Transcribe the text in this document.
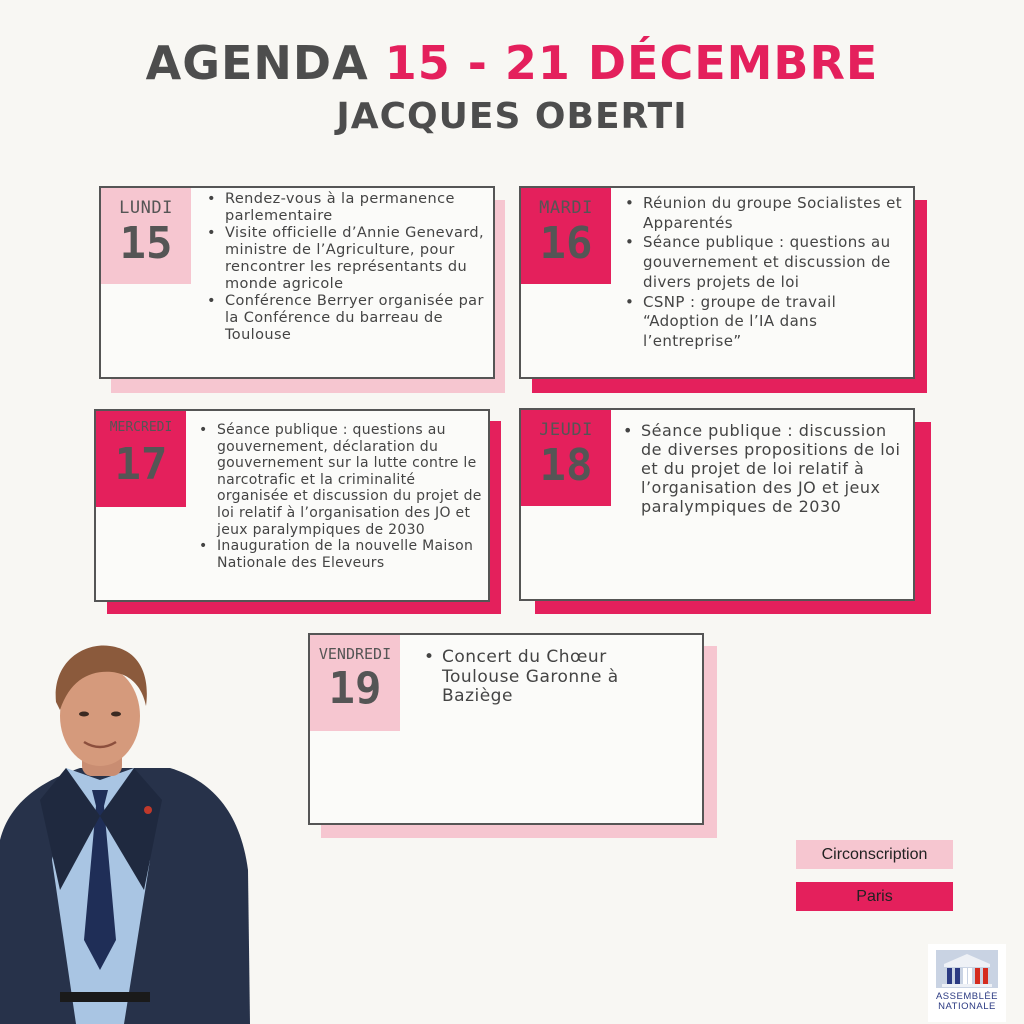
AGENDA 15 - 21 DÉCEMBRE
JACQUES OBERTI
LUNDI
15
• Rendez-vous à la permanence parlementaire
• Visite officielle d’Annie Genevard, ministre de l’Agriculture, pour rencontrer les représentants du monde agricole
• Conférence Berryer organisée par la Conférence du barreau de Toulouse
MARDI
16
• Réunion du groupe Socialistes et Apparentés
• Séance publique : questions au gouvernement et discussion de divers projets de loi
• CSNP : groupe de travail “Adoption de l’IA dans l’entreprise”
MERCREDI
17
• Séance publique : questions au gouvernement, déclaration du gouvernement sur la lutte contre le narcotrafic et la criminalité organisée et discussion du projet de loi relatif à l’organisation des JO et jeux paralympiques de 2030
• Inauguration de la nouvelle Maison Nationale des Eleveurs
JEUDI
18
• Séance publique : discussion de diverses propositions de loi et du projet de loi relatif à l’organisation des JO et jeux paralympiques de 2030
VENDREDI
19
• Concert du Chœur Toulouse Garonne à Baziège
Circonscription
Paris
ASSEMBLÉE
NATIONALE
